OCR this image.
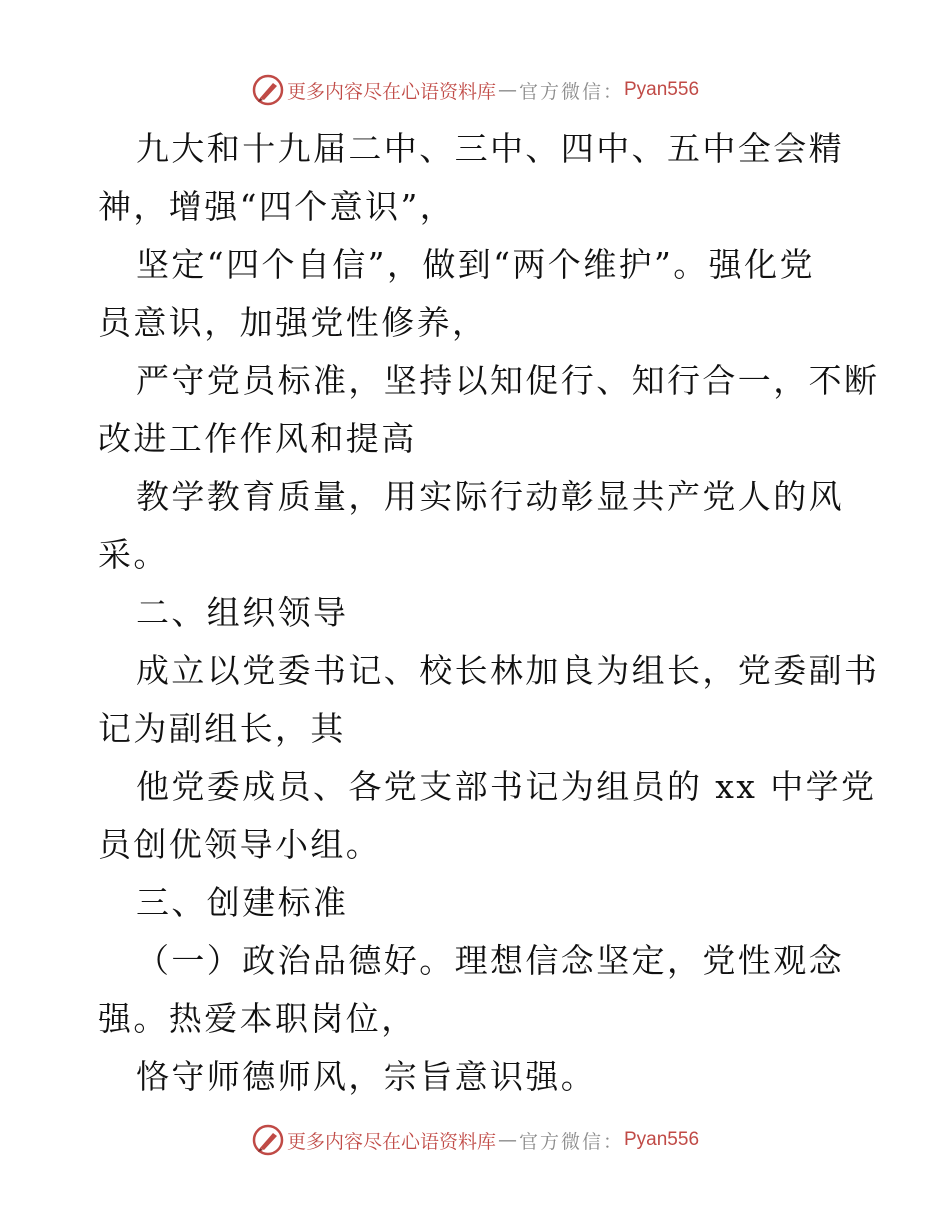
更多内容尽在心语资料库 — 官方微信： Pyan556

九大和十九届二中、三中、四中、五中全会精
神，增强“四个意识”，

坚定“四个自信”，做到“两个维护”。强化党
员意识，加强党性修养，

严守党员标准，坚持以知促行、知行合一，不断
改进工作作风和提高

教学教育质量，用实际行动彰显共产党人的风
采。

二、组织领导

成立以党委书记、校长林加良为组长，党委副书
记为副组长，其

他党委成员、各党支部书记为组员的 xx 中学党
员创优领导小组。

三、创建标准

（一）政治品德好。理想信念坚定，党性观念
强。热爱本职岗位，

恪守师德师风，宗旨意识强。

更多内容尽在心语资料库 — 官方微信： Pyan556
